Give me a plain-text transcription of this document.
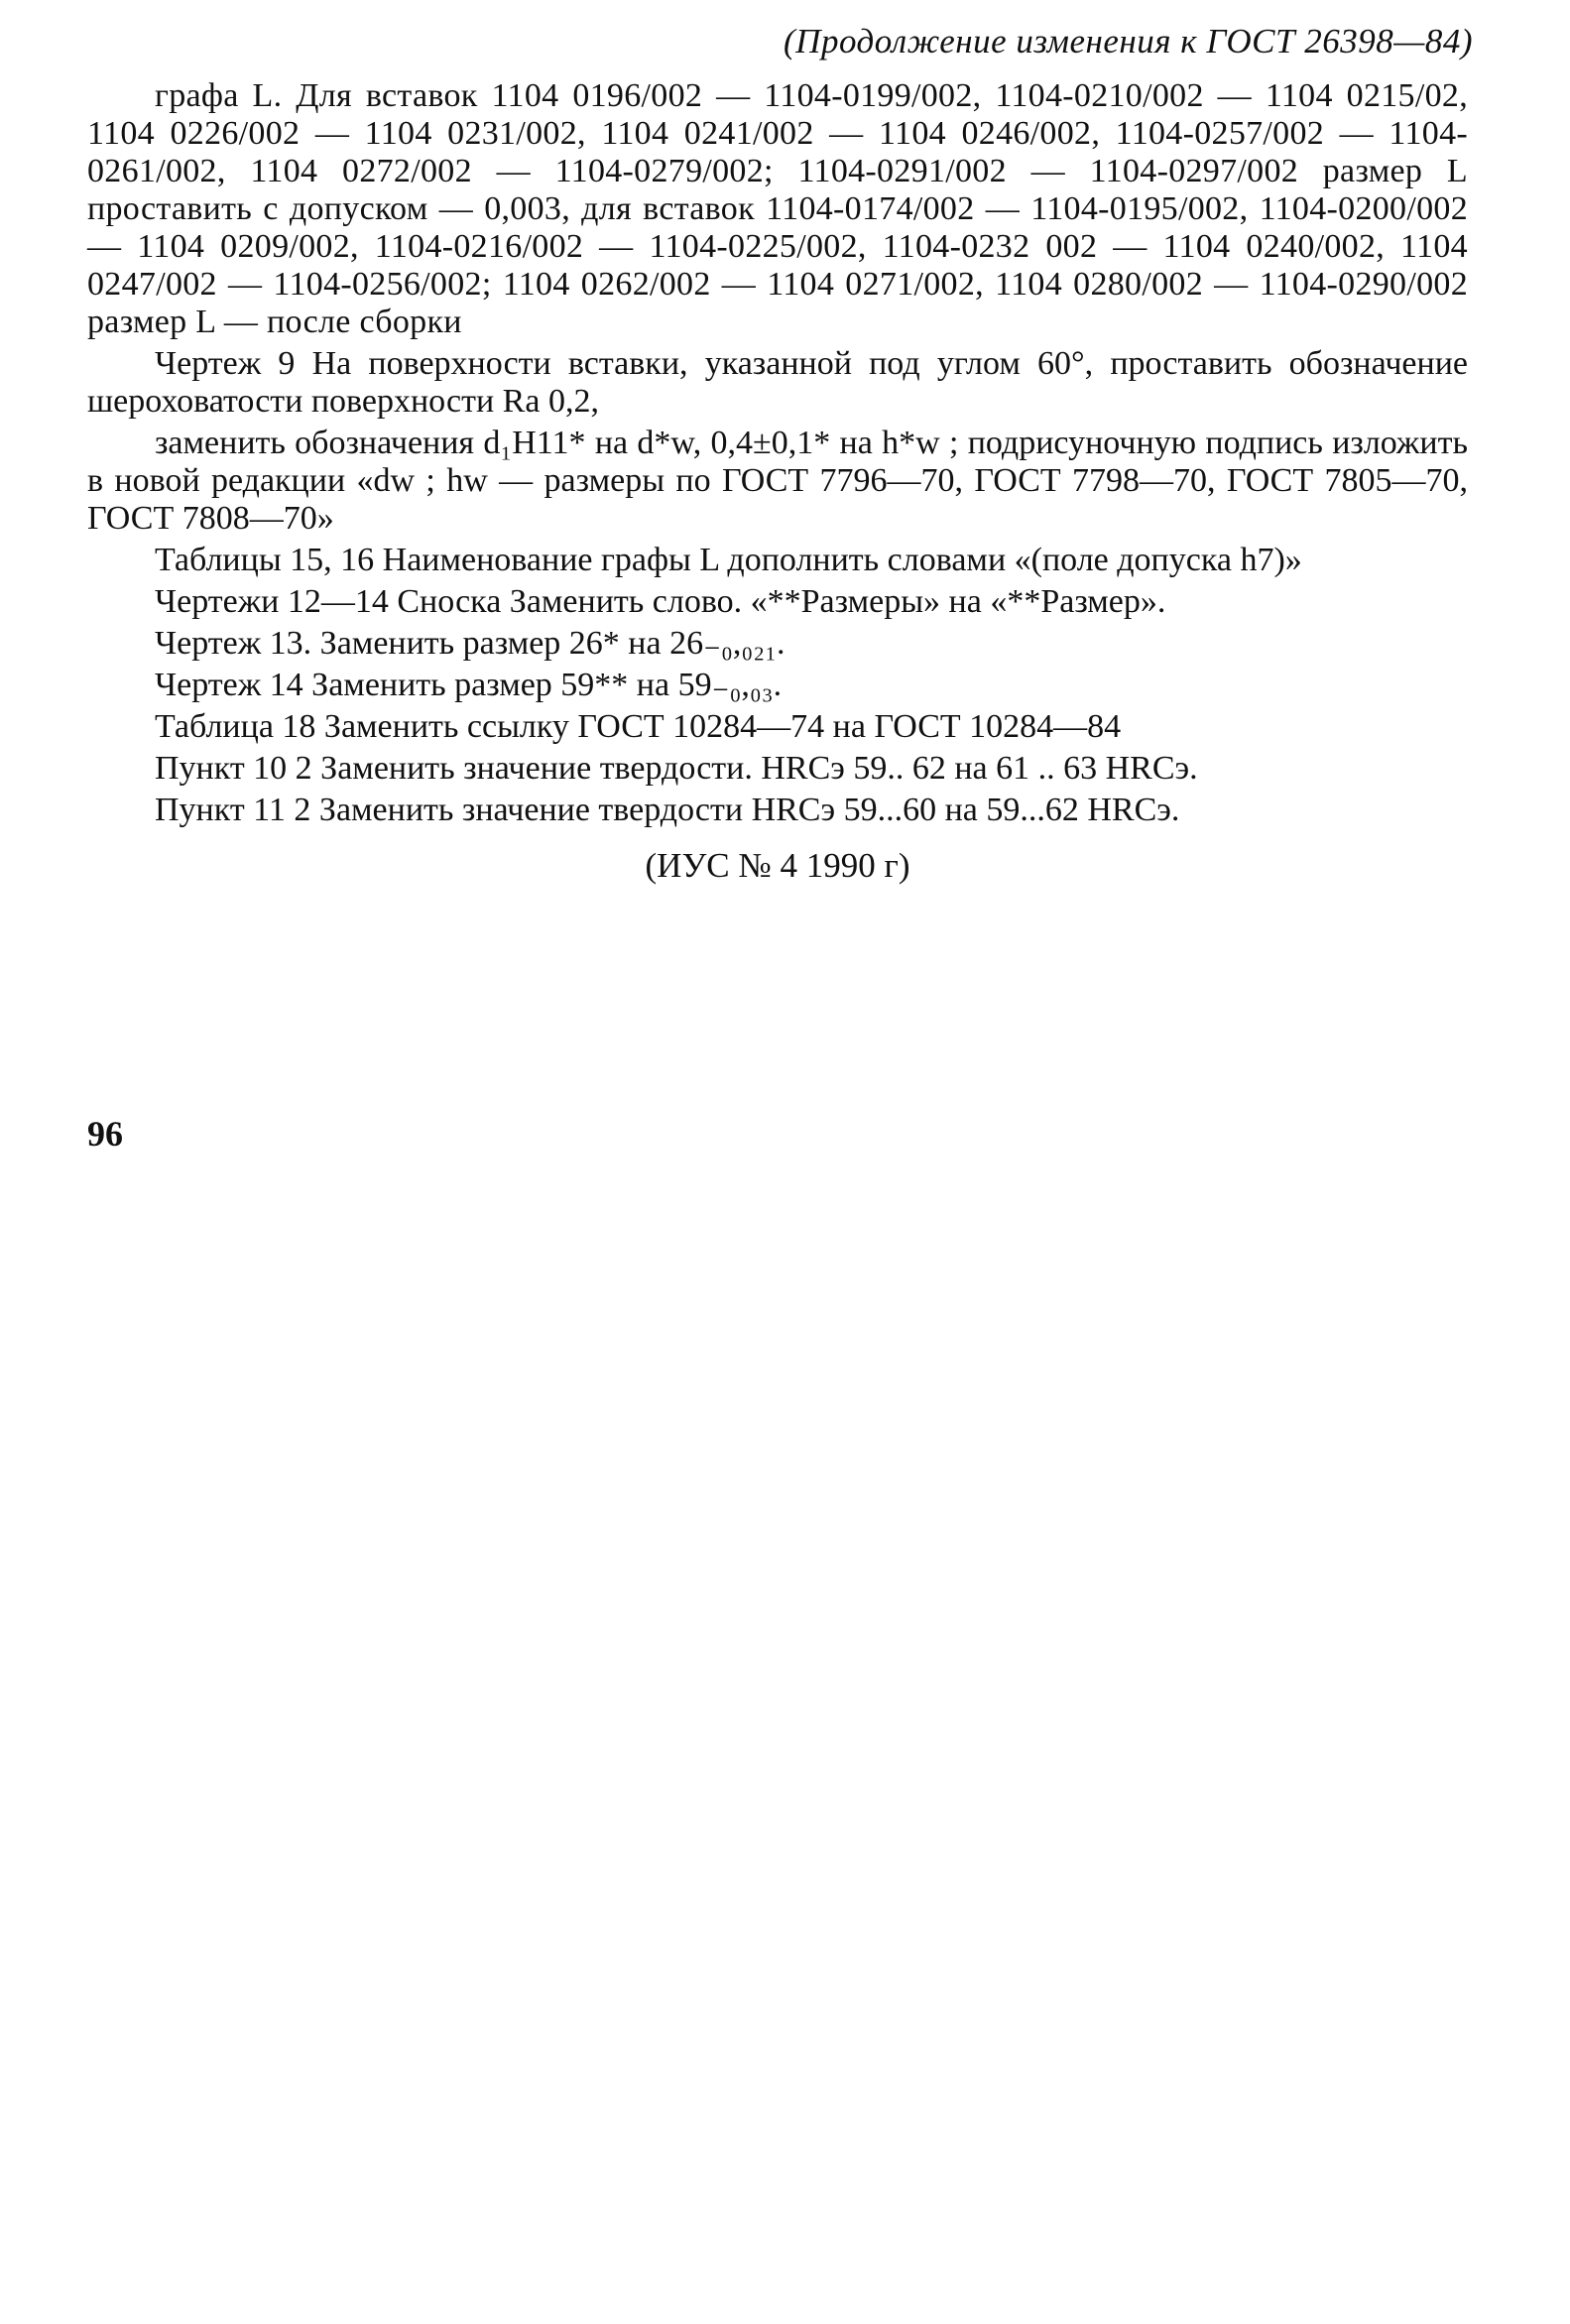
(Продолжение изменения к ГОСТ 26398—84)

графа L. Для вставок 1104 0196/002 — 1104-0199/002, 1104-0210/002 — 1104 0215/02, 1104 0226/002 — 1104 0231/002, 1104 0241/002 — 1104 0246/002, 1104-0257/002 — 1104-0261/002, 1104 0272/002 — 1104-0279/002; 1104-0291/002 — 1104-0297/002 размер L проставить с допуском — 0,003, для вставок 1104-0174/002 — 1104-0195/002, 1104-0200/002 — 1104 0209/002, 1104-0216/002 — 1104-0225/002, 1104-0232 002 — 1104 0240/002, 1104 0247/002 — 1104-0256/002; 1104 0262/002 — 1104 0271/002, 1104 0280/002 — 1104-0290/002 размер L — после сборки

Чертеж 9 На поверхности вставки, указанной под углом 60°, проставить обозначение шероховатости поверхности Ra 0,2,

заменить обозначения d₁H11* на d*w, 0,4±0,1* на h*w ; подрисуночную подпись изложить в новой редакции «dw ; hw — размеры по ГОСТ 7796—70, ГОСТ 7798—70, ГОСТ 7805—70, ГОСТ 7808—70»

Таблицы 15, 16 Наименование графы L дополнить словами «(поле допуска h7)»

Чертежи 12—14 Сноска Заменить слово. «**Размеры» на «**Размер».

Чертеж 13. Заменить размер 26* на 26₋₀,₀₂₁.

Чертеж 14 Заменить размер 59** на 59₋₀,₀₃.

Таблица 18 Заменить ссылку ГОСТ 10284—74 на ГОСТ 10284—84

Пункт 10 2 Заменить значение твердости. HRCэ 59.. 62 на 61 .. 63 HRCэ.

Пункт 11 2 Заменить значение твердости HRCэ 59...60 на 59...62 HRCэ.

(ИУС № 4 1990 г)

96
